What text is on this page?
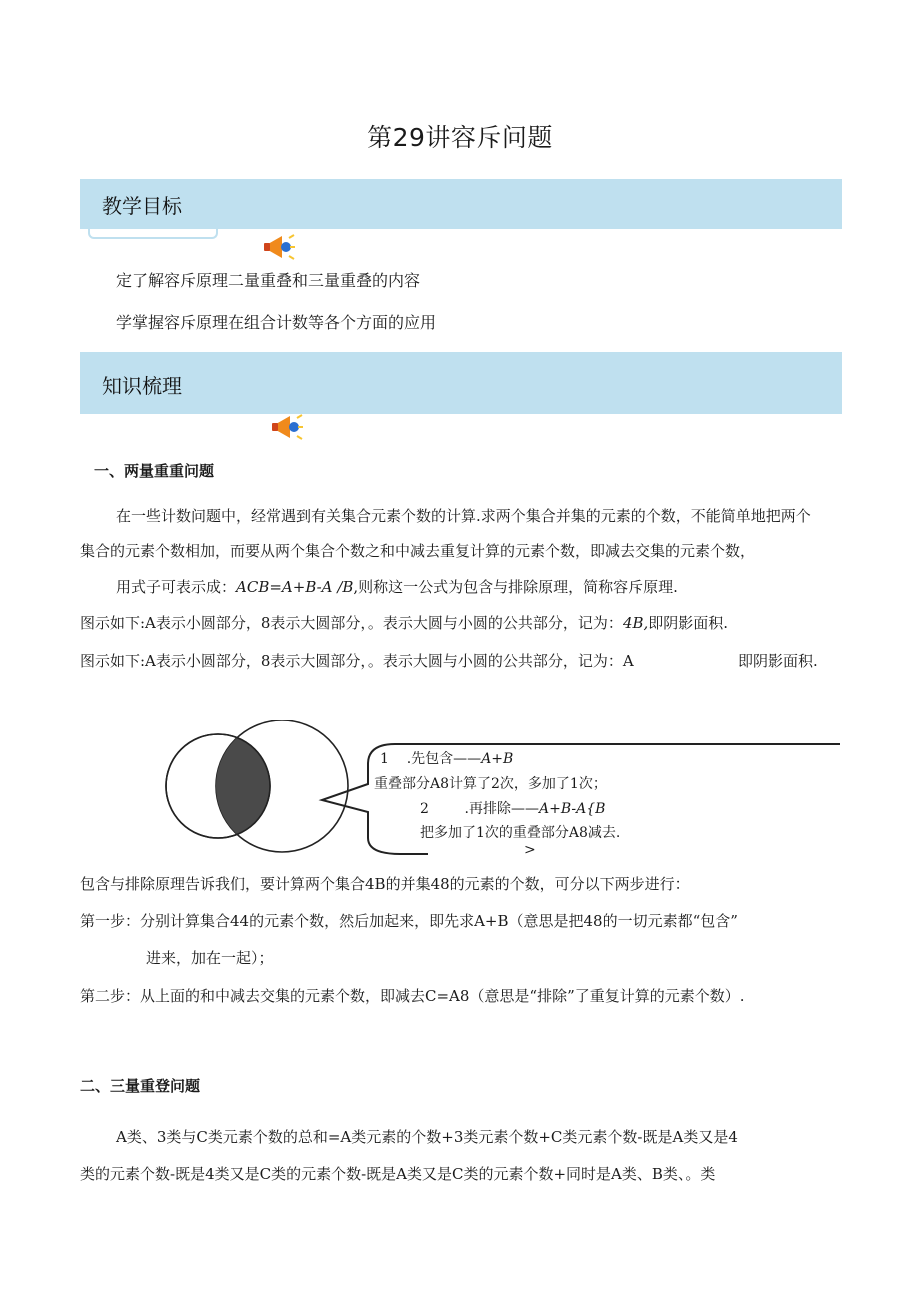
第29讲容斥问题
教学目标
定了解容斥原理二量重叠和三量重叠的内容
学掌握容斥原理在组合计数等各个方面的应用
知识梳理
一、两量重重问题
在一些计数问题中，经常遇到有关集合元素个数的计算.求两个集合并集的元素的个数，不能简单地把两个
集合的元素个数相加，而要从两个集合个数之和中减去重复计算的元素个数，即减去交集的元素个数，
用式子可表示成：ACB=A+B-A /B,则称这一公式为包含与排除原理，简称容斥原理.
图示如下:A表示小圆部分，8表示大圆部分，。表示大圆与小圆的公共部分，记为：4B,即阴影面积.
图示如下:A表示小圆部分，8表示大圆部分，。表示大圆与小圆的公共部分，记为：A	即阴影面积.
1 .先包含——A+B
重叠部分A8计算了2次，多加了1次；
2	.再排除——A+B-A{B
把多加了1次的重叠部分A8减去.
>
包含与排除原理告诉我们，要计算两个集合4B的并集48的元素的个数，可分以下两步进行：
第一步：分别计算集合44的元素个数，然后加起来，即先求A+B（意思是把48的一切元素都“包含”
进来，加在一起）；
第二步：从上面的和中减去交集的元素个数，即减去C=A8（意思是“排除”了重复计算的元素个数）.
二、三量重登问题
A类、3类与C类元素个数的总和=A类元素的个数+3类元素个数+C类元素个数-既是A类又是4
类的元素个数-既是4类又是C类的元素个数-既是A类又是C类的元素个数+同时是A类、B类、。类
